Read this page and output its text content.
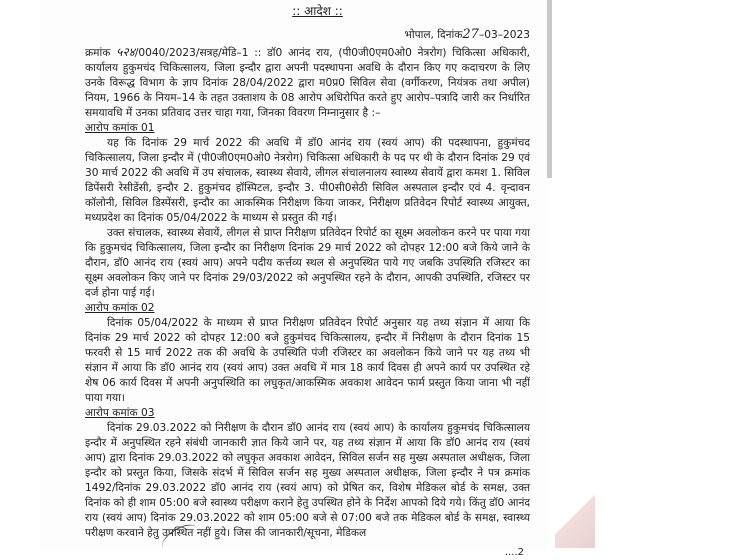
:: आदेश ::
भोपाल, दिनांक27–03–2023

क्रमांक ५२४/0040/2023/सत्रह/मेडि–1 :: डॉ0 आनंद राय, (पी0जी0एम0ओ0 नेत्ररोग) चिकित्सा अधिकारी, कार्यालय हुकुमचंद चिकित्सालय, जिला इन्दौर द्वारा अपनी पदस्थापना अवधि के दौरान किए गए कदाचरण के लिए उनके विरूद्ध विभाग के ज्ञाप दिनांक 28/04/2022 द्वारा म0प्र0 सिविल सेवा (वर्गीकरण, नियंत्रक तथा अपील) नियम, 1966 के नियम–14 के तहत उक्ताशय के 08 आरोप अधिरोपित करते हुए आरोप–पत्रादि जारी कर निर्धारित समयावधि में उनका प्रतिवाद उत्तर चाहा गया, जिनका विवरण निम्नानुसार है :–

आरोप कमांक 01

यह कि दिनांक 29 मार्च 2022 की अवधि में डॉ0 आनंद राय (स्वयं आप) की पदस्थापना, हुकुमंचद चिकित्सालय, जिला इन्दौर में (पी0जी0एम0ओ0 नेत्ररोग) चिकित्सा अधिकारी के पद पर थी के दौरान दिनांक 29 एवं 30 मार्च 2022 की अवधि में उप संचालक, स्वास्थ्य सेवाये, लीगल संचालनालय स्वास्थ्य सेवायें द्वारा कमश 1. सिविल डिपेंसरी रेसीडेंसी, इन्दौर 2. हुकुमंचद हॉस्पिटल, इन्दौर 3. पी0सी0सेठी सिविल अस्पताल इन्दौर एवं 4. वृन्दावन कॉलोनी, सिविल डिस्पेंसरी, इन्दौर का आकस्मिक निरीक्षण किया जाकर, निरीक्षण प्रतिवेदन रिपोर्ट स्वास्थ्य आयुक्त, मध्यप्रदेश का दिनांक 05/04/2022 के माध्यम से प्रस्तुत की गई।

उक्त संचालक, स्वास्थ्य सेवायें, लीगल से प्राप्त निरीक्षण प्रतिवेदन रिपोर्ट का सूक्ष्म अवलोकन करने पर पाया गया कि हुकुमचंद चिकित्सालय, जिला इन्दौर का निरीक्षण दिनांक 29 मार्च 2022 को दोपहर 12:00 बजे किये जाने के दौरान, डॉ0 आनंद राय (स्वयं आप) अपने पदीय कर्त्तव्य स्थल से अनुपस्थित पाये गए जबकि उपस्थिति रजिस्टर का सूक्ष्म अवलोकन किए जाने पर दिनांक 29/03/2022 को अनुपस्थित रहने के दौरान, आपकी उपस्थिति, रजिस्टर पर दर्ज होना पाई गई।

आरोप कमांक 02

दिनांक 05/04/2022 के माध्यम से प्राप्त निरीक्षण प्रतिवेदन रिपोर्ट अनुसार यह तथ्य संज्ञान में आया कि दिनांक 29 मार्च 2022 को दोपहर 12:00 बजे हुकुमंचद चिकित्सालय, इन्दौर में निरीक्षण के दौरान दिनांक 15 फरवरी से 15 मार्च 2022 तक की अवधि के उपस्थिति पंजी रजिस्टर का अवलोकन किये जाने पर यह तथ्य भी संज्ञान में आया कि डॉ0 आनंद राय (स्वयं आप) उक्त अवधि में मात्र 18 कार्य दिवस ही अपने कार्य पर उपस्थित रहे शेष 06 कार्य दिवस में अपनी अनुपस्थिति का लघुकृत/आकस्मिक अवकाश आवेदन फार्म प्रस्तुत किया जाना भी नहीं पाया गया।

आरोप कमांक 03

दिनांक 29.03.2022 को निरीक्षण के दौरान डॉ0 आनंद राय (स्वयं आप) के कार्यालय हुकुमचंद चिकित्सालय इन्दौर में अनुपस्थित रहने संबंधी जानकारी ज्ञात किये जाने पर, यह तथ्य संज्ञान में आया कि डॉ0 आनंद राय (स्वयं आप) द्वारा दिनांक 29.03.2022 को लघुकृत अवकाश आवेदन, सिविल सर्जन सह मुख्य अस्पताल अधीक्षक, जिला इन्दौर को प्रस्तुत किया, जिसके संदर्भ में सिविल सर्जन सह मुख्य अस्पताल अधीक्षक, जिला इन्दौर ने पत्र क्रमांक 1492/दिनांक 29.03.2022 डॉ0 आनंद राय (स्वयं आप) को प्रेषित कर, विशेष मेडिकल बोर्ड के समक्ष, उक्त दिनांक को ही शाम 05:00 बजे स्वास्थ्य परीक्षण कराने हेतु उपस्थित होने के निर्देश आपको दिये गये। किंतु डॉ0 आनंद राय (स्वयं आप) दिनांक 29.03.2022 को शाम 05:00 बजे से 07:00 बजे तक मेडिकल बोर्ड के समक्ष, स्वास्थ्य परीक्षण करवाने हेतु उपस्थित नहीं हुये। जिस की जानकारी/सूचना, मेडिकल

....2
